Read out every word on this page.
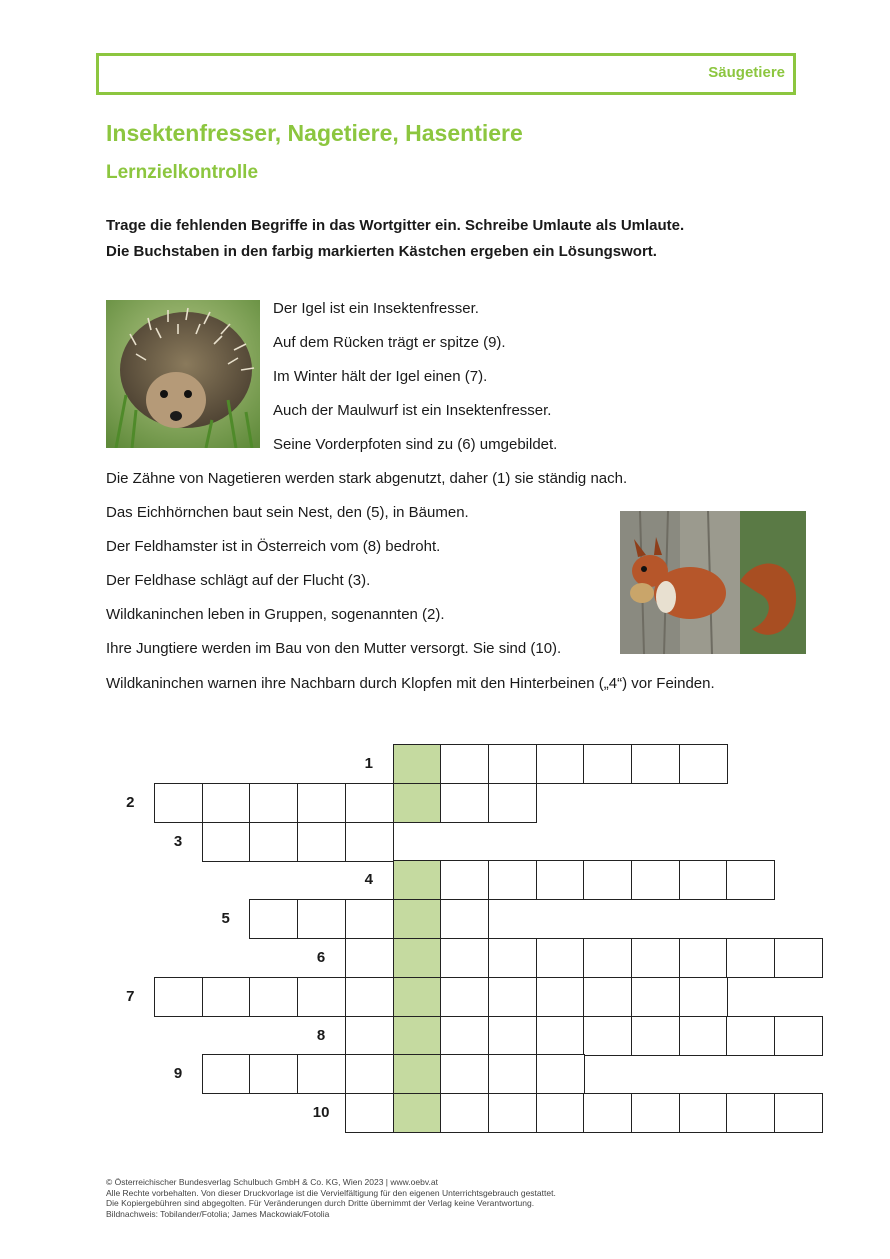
Säugetiere
Insektenfresser, Nagetiere, Hasentiere
Lernzielkontrolle
Trage die fehlenden Begriffe in das Wortgitter ein. Schreibe Umlaute als Umlaute.
Die Buchstaben in den farbig markierten Kästchen ergeben ein Lösungswort.
Der Igel ist ein Insektenfresser.
Auf dem Rücken trägt er spitze (9).
Im Winter hält der Igel einen (7).
Auch der Maulwurf ist ein Insektenfresser.
Seine Vorderpfoten sind zu (6) umgebildet.
Die Zähne von Nagetieren werden stark abgenutzt, daher (1) sie ständig nach.
Das Eichhörnchen baut sein Nest, den (5), in Bäumen.
Der Feldhamster ist in Österreich vom (8) bedroht.
Der Feldhase schlägt auf der Flucht (3).
Wildkaninchen leben in Gruppen, sogenannten (2).
Ihre Jungtiere werden im Bau von den Mutter versorgt. Sie sind (10).
Wildkaninchen warnen ihre Nachbarn durch Klopfen mit den Hinterbeinen („4“) vor Feinden.
1
2
3
4
5
6
7
8
9
10
© Österreichischer Bundesverlag Schulbuch GmbH & Co. KG, Wien 2023 | www.oebv.at
Alle Rechte vorbehalten. Von dieser Druckvorlage ist die Vervielfältigung für den eigenen Unterrichtsgebrauch gestattet.
Die Kopiergebühren sind abgegolten. Für Veränderungen durch Dritte übernimmt der Verlag keine Verantwortung.
Bildnachweis: Tobilander/Fotolia; James Mackowiak/Fotolia
